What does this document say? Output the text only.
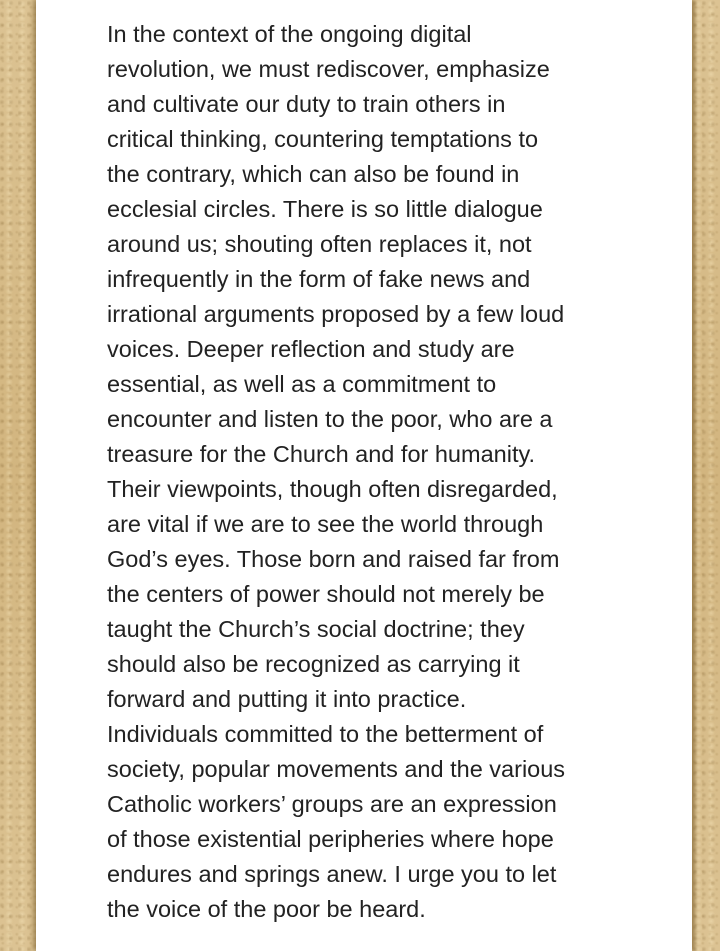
In the context of the ongoing digital
revolution, we must rediscover, emphasize
and cultivate our duty to train others in
critical thinking, countering temptations to
the contrary, which can also be found in
ecclesial circles. There is so little dialogue
around us; shouting often replaces it, not
infrequently in the form of fake news and
irrational arguments proposed by a few loud
voices. Deeper reflection and study are
essential, as well as a commitment to
encounter and listen to the poor, who are a
treasure for the Church and for humanity.
Their viewpoints, though often disregarded,
are vital if we are to see the world through
God’s eyes. Those born and raised far from
the centers of power should not merely be
taught the Church’s social doctrine; they
should also be recognized as carrying it
forward and putting it into practice.
Individuals committed to the betterment of
society, popular movements and the various
Catholic workers’ groups are an expression
of those existential peripheries where hope
endures and springs anew. I urge you to let
the voice of the poor be heard.
